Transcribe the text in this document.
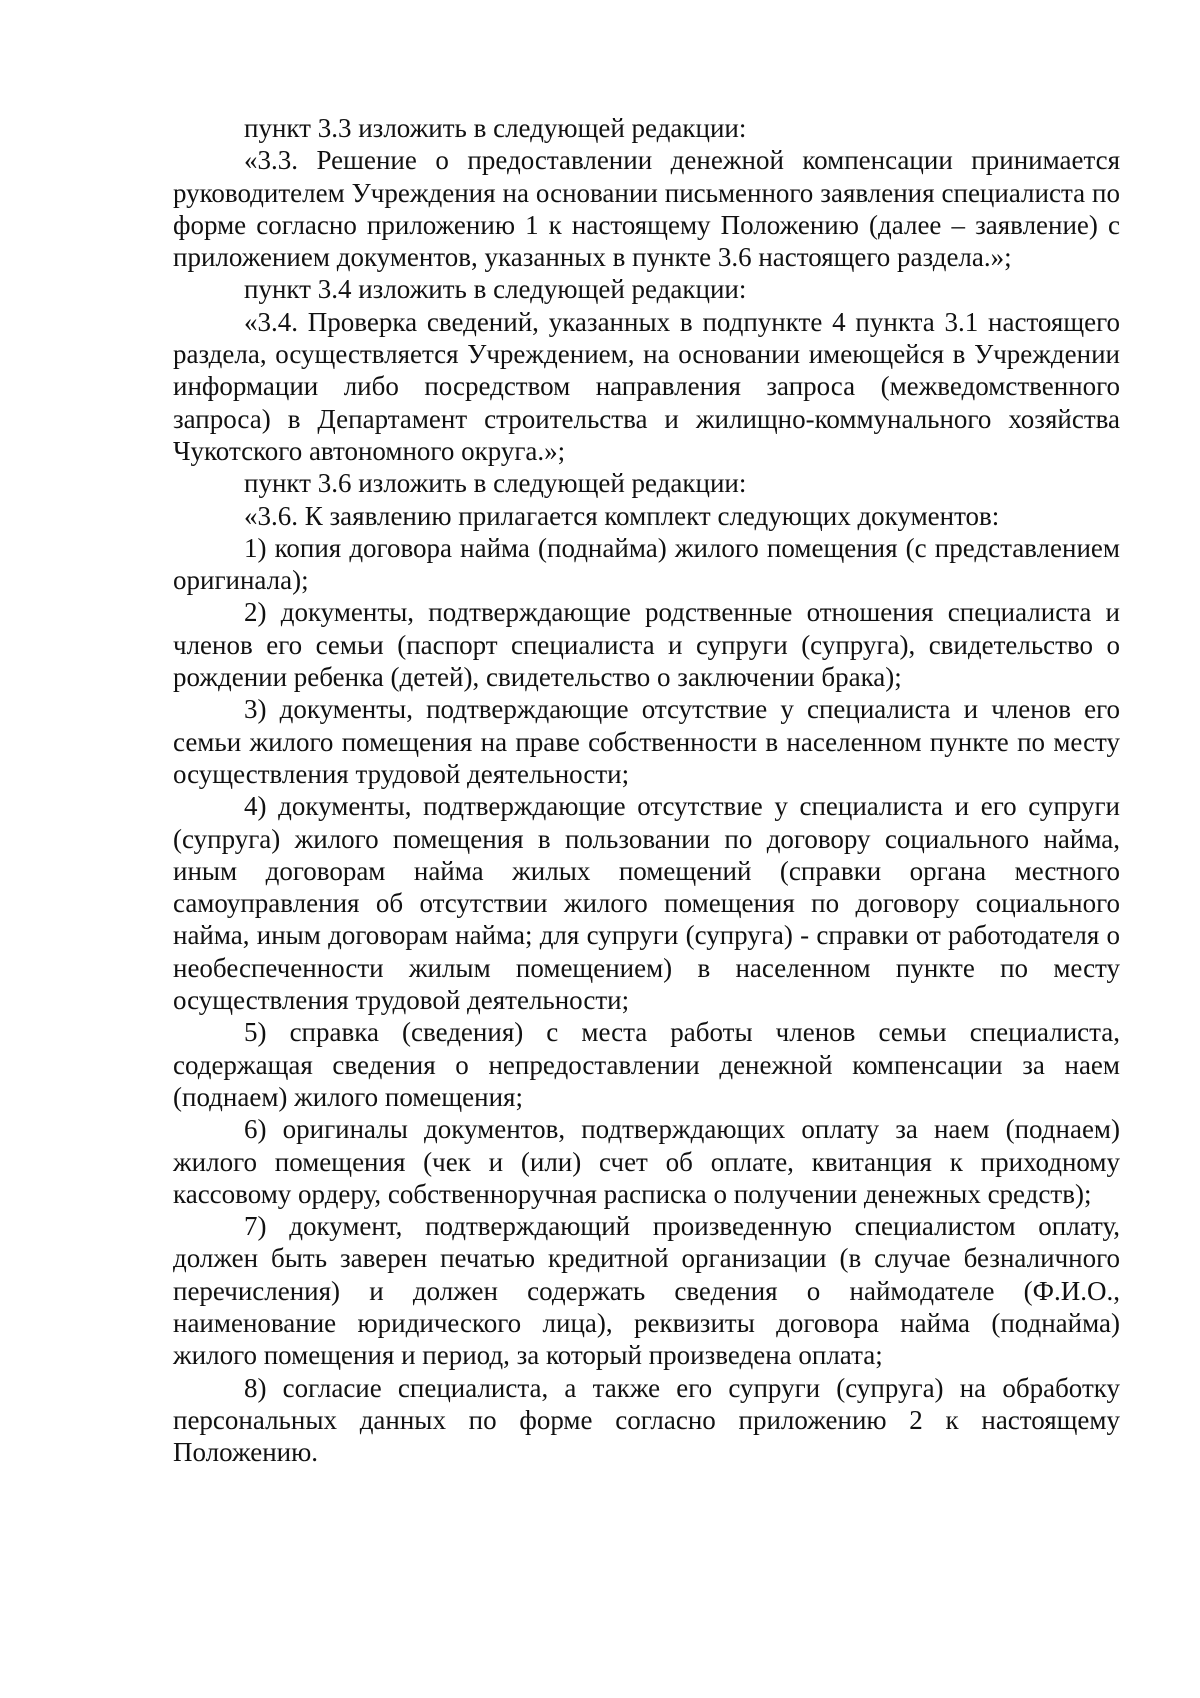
пункт 3.3 изложить в следующей редакции:

«3.3. Решение о предоставлении денежной компенсации принимается руководителем Учреждения на основании письменного заявления специалиста по форме согласно приложению 1 к настоящему Положению (далее – заявление) с приложением документов, указанных в пункте 3.6 настоящего раздела.»;

пункт 3.4 изложить в следующей редакции:

«3.4. Проверка сведений, указанных в подпункте 4 пункта 3.1 настоящего раздела, осуществляется Учреждением, на основании имеющейся в Учреждении информации либо посредством направления запроса (межведомственного запроса) в Департамент строительства и жилищно-коммунального хозяйства Чукотского автономного округа.»;

пункт 3.6 изложить в следующей редакции:

«3.6. К заявлению прилагается комплект следующих документов:

1) копия договора найма (поднайма) жилого помещения (с представлением оригинала);

2) документы, подтверждающие родственные отношения специалиста и членов его семьи (паспорт специалиста и супруги (супруга), свидетельство о рождении ребенка (детей), свидетельство о заключении брака);

3) документы, подтверждающие отсутствие у специалиста и членов его семьи жилого помещения на праве собственности в населенном пункте по месту осуществления трудовой деятельности;

4) документы, подтверждающие отсутствие у специалиста и его супруги (супруга) жилого помещения в пользовании по договору социального найма, иным договорам найма жилых помещений (справки органа местного самоуправления об отсутствии жилого помещения по договору социального найма, иным договорам найма; для супруги (супруга) - справки от работодателя о необеспеченности жилым помещением) в населенном пункте по месту осуществления трудовой деятельности;

5) справка (сведения) с места работы членов семьи специалиста, содержащая сведения о непредоставлении денежной компенсации за наем (поднаем) жилого помещения;

6) оригиналы документов, подтверждающих оплату за наем (поднаем) жилого помещения (чек и (или) счет об оплате, квитанция к приходному кассовому ордеру, собственноручная расписка о получении денежных средств);

7) документ, подтверждающий произведенную специалистом оплату, должен быть заверен печатью кредитной организации (в случае безналичного перечисления) и должен содержать сведения о наймодателе (Ф.И.О., наименование юридического лица), реквизиты договора найма (поднайма) жилого помещения и период, за который произведена оплата;

8) согласие специалиста, а также его супруги (супруга) на обработку персональных данных по форме согласно приложению 2 к настоящему Положению.
